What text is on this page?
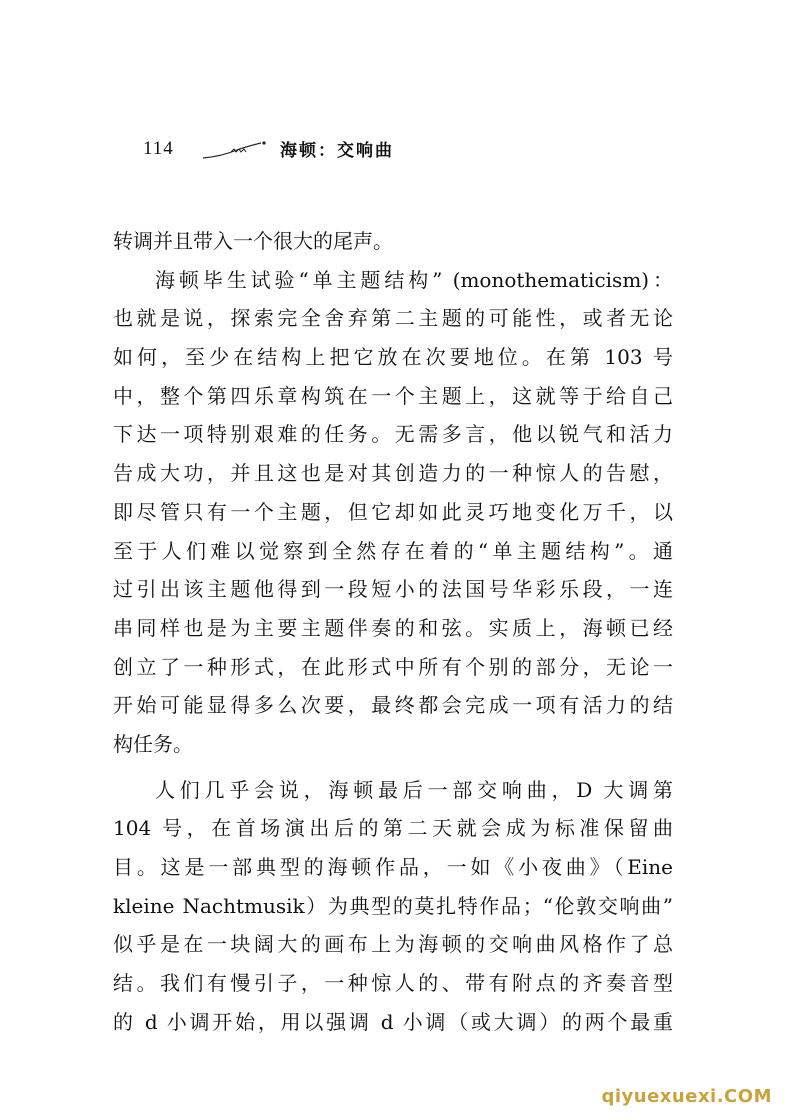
114	海顿：交响曲
转调并且带入一个很大的尾声。
海顿毕生试验“单主题结构” (monothematicism)：
也就是说，探索完全舍弃第二主题的可能性，或者无论
如何，至少在结构上把它放在次要地位。在第 103 号
中，整个第四乐章构筑在一个主题上，这就等于给自己
下达一项特别艰难的任务。无需多言，他以锐气和活力
告成大功，并且这也是对其创造力的一种惊人的告慰，
即尽管只有一个主题，但它却如此灵巧地变化万千，以
至于人们难以觉察到全然存在着的“单主题结构”。通
过引出该主题他得到一段短小的法国号华彩乐段，一连
串同样也是为主要主题伴奏的和弦。实质上，海顿已经
创立了一种形式，在此形式中所有个别的部分，无论一
开始可能显得多么次要，最终都会完成一项有活力的结
构任务。
人们几乎会说，海顿最后一部交响曲，D 大调第
104 号，在首场演出后的第二天就会成为标准保留曲
目。这是一部典型的海顿作品，一如《小夜曲》（Eine
kleine Nachtmusik）为典型的莫扎特作品；“伦敦交响曲”
似乎是在一块阔大的画布上为海顿的交响曲风格作了总
结。我们有慢引子，一种惊人的、带有附点的齐奏音型
的 d 小调开始，用以强调 d 小调（或大调）的两个最重
qiyuexuexi.COM
